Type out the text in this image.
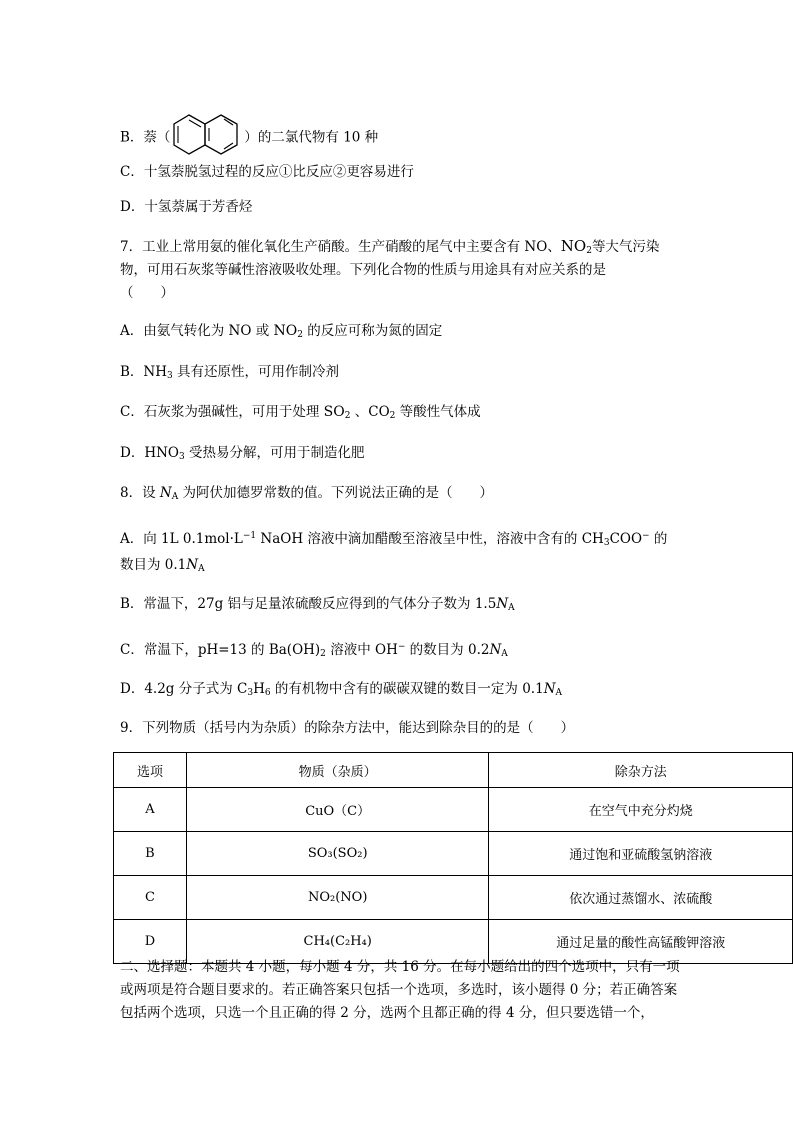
B．萘（	）的二氯代物有 10 种
C．十氢萘脱氢过程的反应①比反应②更容易进行
D．十氢萘属于芳香烃
7．工业上常用氨的催化氧化生产硝酸。生产硝酸的尾气中主要含有 NO、$NO_2$等大气污染
物，可用石灰浆等碱性溶液吸收处理。下列化合物的性质与用途具有对应关系的是
（　　）
A．由氨气转化为 NO 或 $NO_2$ 的反应可称为氮的固定
B．$NH_3$ 具有还原性，可用作制冷剂
C．石灰浆为强碱性，可用于处理 $SO_2$ 、$CO_2$ 等酸性气体成
D．$HNO_3$ 受热易分解，可用于制造化肥
8．设 $N_A$ 为阿伏加德罗常数的值。下列说法正确的是（　　）
A．向 1L $0.1mol\cdot L^{-1}$ NaOH 溶液中滴加醋酸至溶液呈中性，溶液中含有的 $CH_3COO^-$ 的
数目为 $0.1N_A$
B．常温下，27g 铝与足量浓硫酸反应得到的气体分子数为 $1.5N_A$
C．常温下，pH=13 的 $Ba(OH)_2$ 溶液中 OH− 的数目为 $0.2N_A$
D．4.2g 分子式为 $C_3H_6$ 的有机物中含有的碳碳双键的数目一定为 $0.1N_A$
9．下列物质（括号内为杂质）的除杂方法中，能达到除杂目的的是（　　）
选项	物质（杂质）	除杂方法
A	CuO（C）	在空气中充分灼烧
B	SO₃(SO₂)	通过饱和亚硫酸氢钠溶液
C	NO₂(NO)	依次通过蒸馏水、浓硫酸
D	CH₄(C₂H₄)	通过足量的酸性高锰酸钾溶液
二、选择题：本题共 4 小题，每小题 4 分，共 16 分。在每小题给出的四个选项中，只有一项或两项是符合题目要求的。若正确答案只包括一个选项，多选时，该小题得 0 分；若正确答案包括两个选项，只选一个且正确的得 2 分，选两个且都正确的得 4 分，但只要选错一个，
